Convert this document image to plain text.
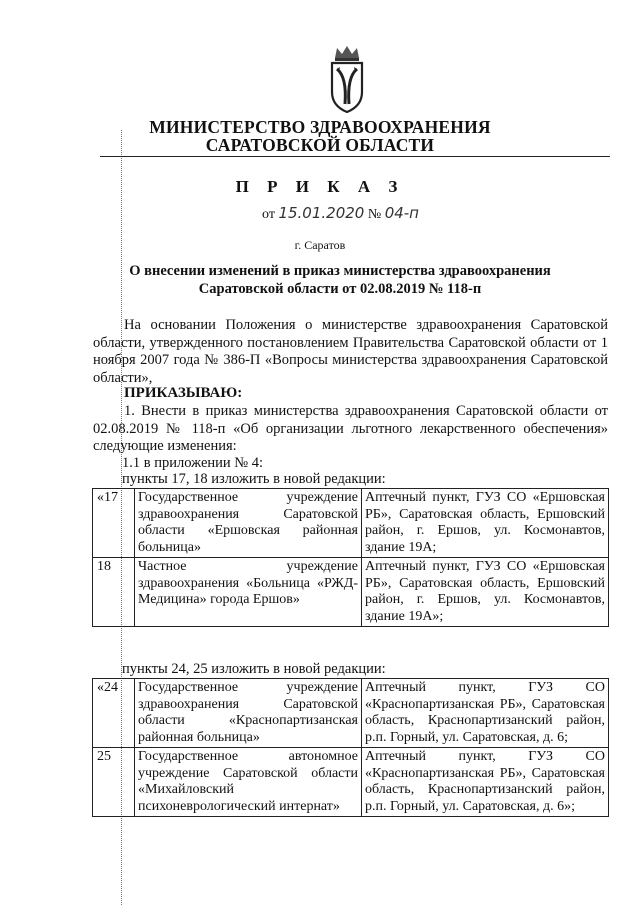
МИНИСТЕРСТВО ЗДРАВООХРАНЕНИЯ
САРАТОВСКОЙ ОБЛАСТИ
П Р И К А З
от 15.01.2020 № 04-п
г. Саратов
О внесении изменений в приказ министерства здравоохранения
Саратовской области от 02.08.2019 № 118-п
На основании Положения о министерстве здравоохранения Саратовской области, утвержденного постановлением Правительства Саратовской области от 1 ноября 2007 года № 386-П «Вопросы министерства здравоохранения Саратовской области»,
ПРИКАЗЫВАЮ:
1. Внести в приказ министерства здравоохранения Саратовской области от 02.08.2019 № 118-п «Об организации льготного лекарственного обеспечения» следующие изменения:
1.1 в приложении № 4:
пункты 17, 18 изложить в новой редакции:
«17	Государственное учреждение здравоохранения Саратовской области «Ершовская районная больница»	Аптечный пункт, ГУЗ СО «Ершовская РБ», Саратовская область, Ершовский район, г. Ершов, ул. Космонавтов, здание 19А;
18	Частное учреждение здравоохранения «Больница «РЖД-Медицина» города Ершов»	Аптечный пункт, ГУЗ СО «Ершовская РБ», Саратовская область, Ершовский район, г. Ершов, ул. Космонавтов, здание 19А»;
пункты 24, 25 изложить в новой редакции:
«24	Государственное учреждение здравоохранения Саратовской области «Краснопартизанская районная больница»	Аптечный пункт, ГУЗ СО «Краснопартизанская РБ», Саратовская область, Краснопартизанский район, р.п. Горный, ул. Саратовская, д. 6;
25	Государственное автономное учреждение Саратовской области «Михайловский психоневрологический интернат»	Аптечный пункт, ГУЗ СО «Краснопартизанская РБ», Саратовская область, Краснопартизанский район, р.п. Горный, ул. Саратовская, д. 6»;
